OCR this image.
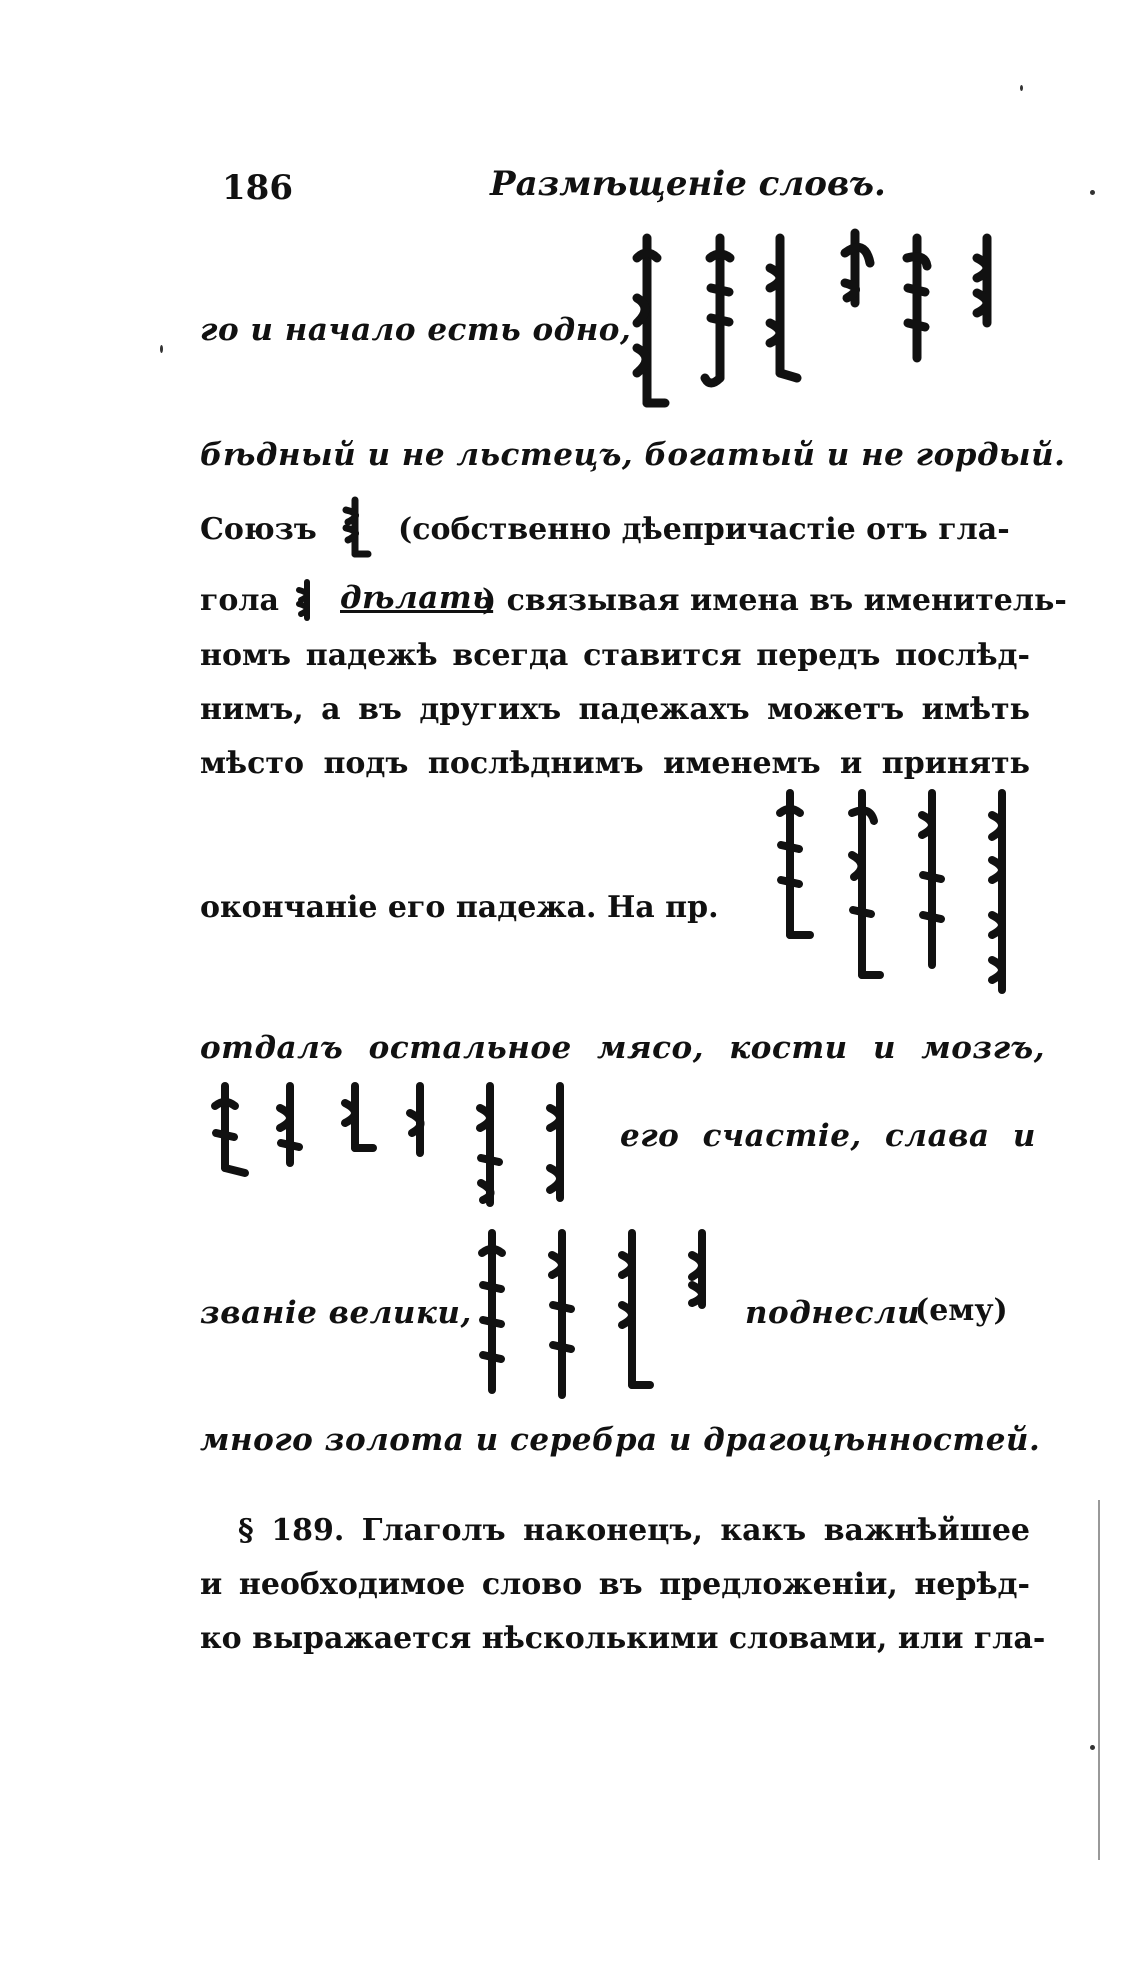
186	Размѣщеніе словъ.
го и начало есть одно,
бѣдный и не льстецъ, богатый и не гордый.
Союзъ	(собственно дѣепричастіе отъ гла-
гола дѣлать
) связывая имена въ именитель-
номъ падежѣ всегда ставится передъ послѣд-
нимъ, а въ другихъ падежахъ можетъ имѣть
мѣсто подъ послѣднимъ именемъ и принять
окончаніе его падежа. На пр.
отдалъ остальное мясо, кости и мозгъ,
его счастіе, слава и
званіе велики,	поднесли
(ему)
много золота и серебра и драгоцѣнностей.
§ 189. Глаголъ наконецъ, какъ важнѣйшее
и необходимое слово въ предложеніи, нерѣд-
ко выражается нѣсколькими словами, или гла-
